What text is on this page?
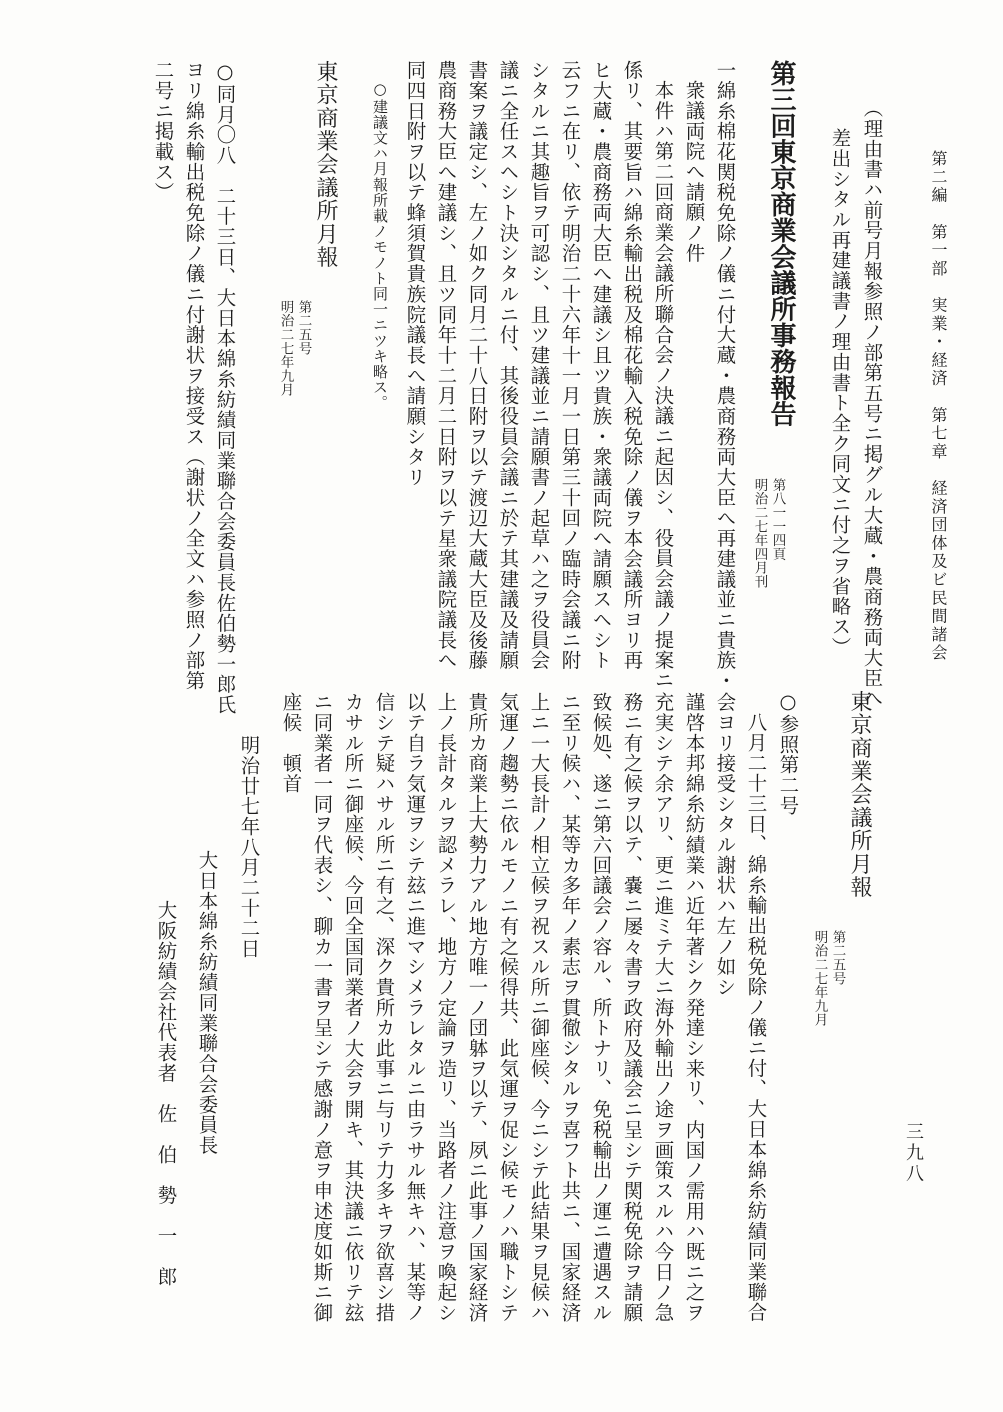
第二編　第一部　実業・経済　第七章　経済団体及ビ民間諸会
三九八
（理由書ハ前号月報参照ノ部第五号ニ掲グル大蔵・農商務両大臣へ
差出シタル再建議書ノ理由書ト全ク同文ニ付之ヲ省略ス）
第三回東京商業会議所事務報告
第八一一四頁
明治二七年四月刊
一綿糸棉花関税免除ノ儀ニ付大蔵・農商務両大臣へ再建議並ニ貴族・
衆議両院へ請願ノ件
本件ハ第二回商業会議所聯合会ノ決議ニ起因シ、役員会議ノ提案ニ
係リ、其要旨ハ綿糸輸出税及棉花輸入税免除ノ儀ヲ本会議所ヨリ再
ヒ大蔵・農商務両大臣へ建議シ且ツ貴族・衆議両院へ請願スヘシト
云フニ在リ、依テ明治二十六年十一月一日第三十回ノ臨時会議ニ附
シタルニ其趣旨ヲ可認シ、且ツ建議並ニ請願書ノ起草ハ之ヲ役員会
議ニ全任スヘシト決シタルニ付、其後役員会議ニ於テ其建議及請願
書案ヲ議定シ、左ノ如ク同月二十八日附ヲ以テ渡辺大蔵大臣及後藤
農商務大臣へ建議シ、且ツ同年十二月二日附ヲ以テ星衆議院議長へ
同四日附ヲ以テ蜂須賀貴族院議長へ請願シタリ
○建議文ハ月報所載ノモノト同一ニツキ略ス。
東京商業会議所月報
第二五号
明治二七年九月
○同月〇八　二十三日、大日本綿糸紡績同業聯合会委員長佐伯勢一郎氏
ヨリ綿糸輸出税免除ノ儀ニ付謝状ヲ接受ス（謝状ノ全文ハ参照ノ部第
二号ニ掲載ス）
東京商業会議所月報
第二五号
明治二七年九月
○参照第二号
八月二十三日、綿糸輸出税免除ノ儀ニ付、大日本綿糸紡績同業聯合
会ヨリ接受シタル謝状ハ左ノ如シ
謹啓本邦綿糸紡績業ハ近年著シク発達シ来リ、内国ノ需用ハ既ニ之ヲ
充実シテ余アリ、更ニ進ミテ大ニ海外輸出ノ途ヲ画策スルハ今日ノ急
務ニ有之候ヲ以テ、嚢ニ屡々書ヲ政府及議会ニ呈シテ関税免除ヲ請願
致候処、遂ニ第六回議会ノ容ル、所トナリ、免税輸出ノ運ニ遭遇スル
ニ至リ候ハ、某等カ多年ノ素志ヲ貫徹シタルヲ喜フト共ニ、国家経済
上ニ一大長計ノ相立候ヲ祝スル所ニ御座候、今ニシテ此結果ヲ見候ハ
気運ノ趨勢ニ依ルモノニ有之候得共、此気運ヲ促シ候モノハ職トシテ
貴所カ商業上大勢力アル地方唯一ノ団躰ヲ以テ、夙ニ此事ノ国家経済
上ノ長計タルヲ認メラレ、地方ノ定論ヲ造リ、当路者ノ注意ヲ喚起シ
以テ自ラ気運ヲシテ玆ニ進マシメラレタルニ由ラサル無キハ、某等ノ
信シテ疑ハサル所ニ有之、深ク貴所カ此事ニ与リテ力多キヲ欲喜シ措
カサル所ニ御座候、今回全国同業者ノ大会ヲ開キ、其決議ニ依リテ玆
ニ同業者一同ヲ代表シ、聊カ一書ヲ呈シテ感謝ノ意ヲ申述度如斯ニ御
座候　頓首
明治廿七年八月二十二日
大日本綿糸紡績同業聯合会委員長
大阪紡績会社代表者　佐　伯　勢　一　郎
